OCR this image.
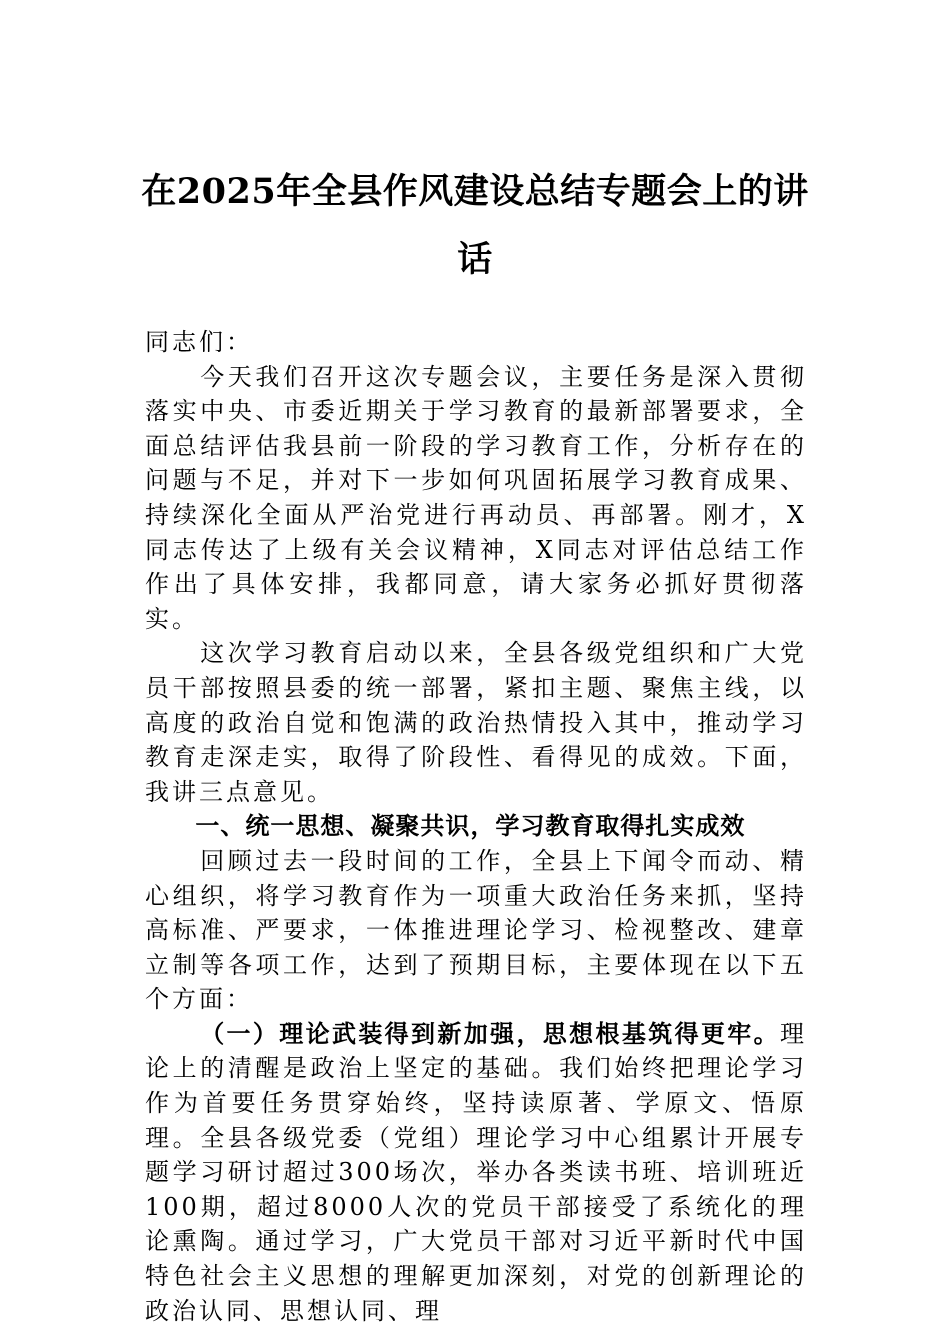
在2025年全县作风建设总结专题会上的讲话

同志们：

今天我们召开这次专题会议，主要任务是深入贯彻落实中央、市委近期关于学习教育的最新部署要求，全面总结评估我县前一阶段的学习教育工作，分析存在的问题与不足，并对下一步如何巩固拓展学习教育成果、持续深化全面从严治党进行再动员、再部署。刚才，X同志传达了上级有关会议精神，X同志对评估总结工作作出了具体安排，我都同意，请大家务必抓好贯彻落实。

这次学习教育启动以来，全县各级党组织和广大党员干部按照县委的统一部署，紧扣主题、聚焦主线，以高度的政治自觉和饱满的政治热情投入其中，推动学习教育走深走实，取得了阶段性、看得见的成效。下面，我讲三点意见。

一、统一思想、凝聚共识，学习教育取得扎实成效

回顾过去一段时间的工作，全县上下闻令而动、精心组织，将学习教育作为一项重大政治任务来抓，坚持高标准、严要求，一体推进理论学习、检视整改、建章立制等各项工作，达到了预期目标，主要体现在以下五个方面：

（一）理论武装得到新加强，思想根基筑得更牢。理论上的清醒是政治上坚定的基础。我们始终把理论学习作为首要任务贯穿始终，坚持读原著、学原文、悟原理。全县各级党委（党组）理论学习中心组累计开展专题学习研讨超过300场次，举办各类读书班、培训班近100期，超过8000人次的党员干部接受了系统化的理论熏陶。通过学习，广大党员干部对习近平新时代中国特色社会主义思想的理解更加深刻，对党的创新理论的政治认同、思想认同、理
